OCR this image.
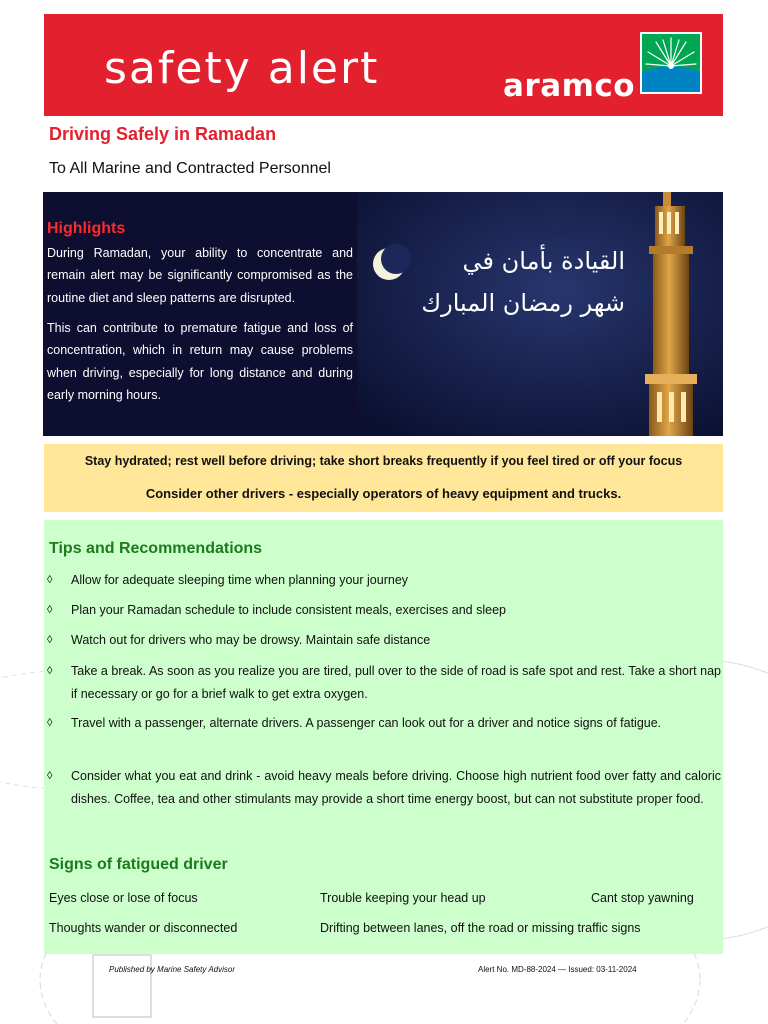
safety alert	aramco
Driving Safely in Ramadan
To All Marine and Contracted Personnel
Highlights
During Ramadan, your ability to concentrate and remain alert may be significantly compromised as the routine diet and sleep patterns are disrupted.
This can contribute to premature fatigue and loss of concentration, which in return may cause problems when driving, especially for long distance and during early morning hours.
القيادة بأمان في
شهر رمضان المبارك
Stay hydrated; rest well before driving; take short breaks frequently if you feel tired or off your focus
Consider other drivers - especially operators of heavy equipment and trucks.
Tips and Recommendations
◊ Allow for adequate sleeping time when planning your journey
◊ Plan your Ramadan schedule to include consistent meals, exercises and sleep
◊ Watch out for drivers who may be drowsy. Maintain safe distance
◊ Take a break. As soon as you realize you are tired, pull over to the side of road is safe spot and rest. Take a short nap if necessary or go for a brief walk to get extra oxygen.
◊ Travel with a passenger, alternate drivers. A passenger can look out for a driver and notice signs of fatigue.
◊ Consider what you eat and drink - avoid heavy meals before driving. Choose high nutrient food over fatty and caloric dishes. Coffee, tea and other stimulants may provide a short time energy boost, but can not substitute proper food.
Signs of fatigued driver
Eyes close or lose of focus	Trouble keeping your head up	Cant stop yawning
Thoughts wander or disconnected	Drifting between lanes, off the road or missing traffic signs
Published by Marine Safety Advisor	Alert No. MD-88-2024 — Issued: 03-11-2024
